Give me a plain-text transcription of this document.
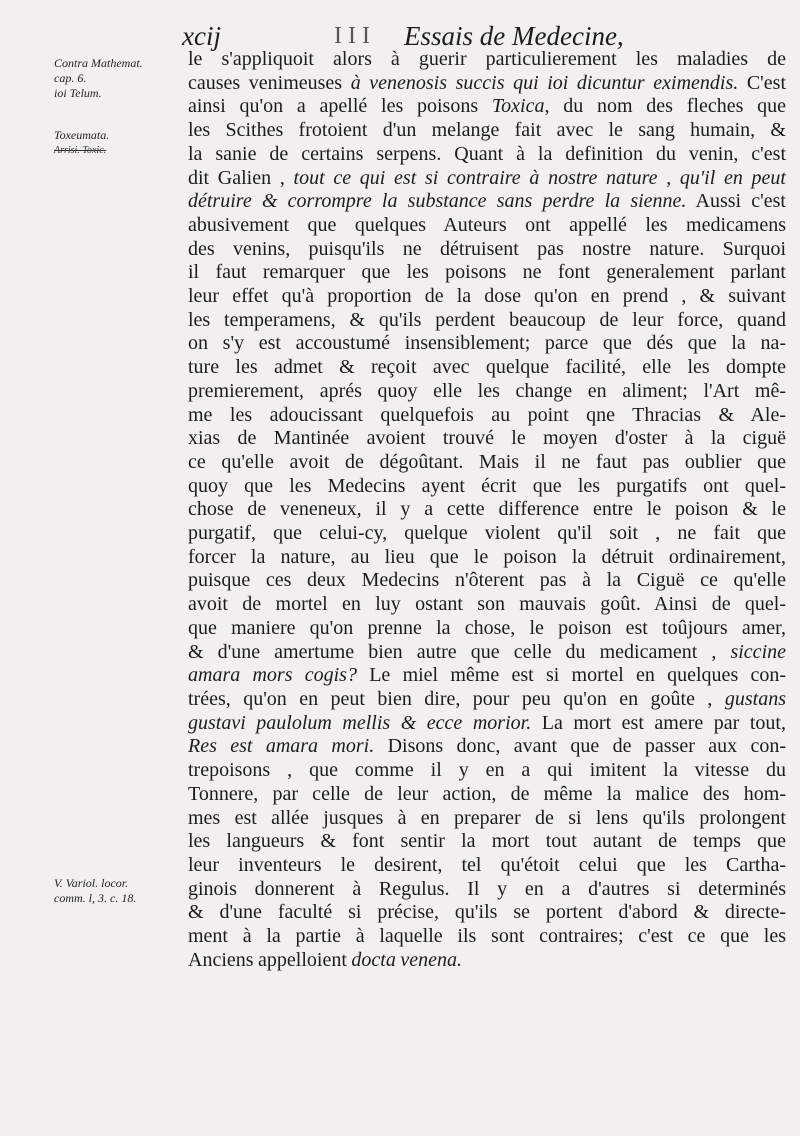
xcij	I I I Essais de Medecine,
Contra Mathemat.
cap. 6.
ioi Telum.
Toxeumata.
Arrisi. Toxic.
V. Variol. locor.
comm. l, 3. c. 18.
le s'appliquoit alors à guerir particulierement les maladies de
causes venimeuses à venenosis succis qui ioi dicuntur eximendis. C'est
ainsi qu'on a apellé les poisons Toxica, du nom des fleches que
les Scithes frotoient d'un melange fait avec le sang humain, &
la sanie de certains serpens. Quant à la definition du venin, c'est
dit Galien , tout ce qui est si contraire à nostre nature , qu'il en peut
détruire & corrompre la substance sans perdre la sienne. Aussi c'est
abusivement que quelques Auteurs ont appellé les medicamens
des venins, puisqu'ils ne détruisent pas nostre nature. Surquoi
il faut remarquer que les poisons ne font generalement parlant
leur effet qu'à proportion de la dose qu'on en prend , & suivant
les temperamens, & qu'ils perdent beaucoup de leur force, quand
on s'y est accoustumé insensiblement; parce que dés que la na-
ture les admet & reçoit avec quelque facilité, elle les dompte
premierement, aprés quoy elle les change en aliment; l'Art mê-
me les adoucissant quelquefois au point qne Thracias & Ale-
xias de Mantinée avoient trouvé le moyen d'oster à la ciguë
ce qu'elle avoit de dégoûtant. Mais il ne faut pas oublier que
quoy que les Medecins ayent écrit que les purgatifs ont quel-
chose de veneneux, il y a cette difference entre le poison & le
purgatif, que celui-cy, quelque violent qu'il soit , ne fait que
forcer la nature, au lieu que le poison la détruit ordinairement,
puisque ces deux Medecins n'ôterent pas à la Ciguë ce qu'elle
avoit de mortel en luy ostant son mauvais goût. Ainsi de quel-
que maniere qu'on prenne la chose, le poison est toûjours amer,
& d'une amertume bien autre que celle du medicament , siccine
amara mors cogis? Le miel même est si mortel en quelques con-
trées, qu'on en peut bien dire, pour peu qu'on en goûte , gustans
gustavi paulolum mellis & ecce morior. La mort est amere par tout,
Res est amara mori. Disons donc, avant que de passer aux con-
trepoisons , que comme il y en a qui imitent la vitesse du
Tonnere, par celle de leur action, de même la malice des hom-
mes est allée jusques à en preparer de si lens qu'ils prolongent
les langueurs & font sentir la mort tout autant de temps que
leur inventeurs le desirent, tel qu'étoit celui que les Cartha-
ginois donnerent à Regulus. Il y en a d'autres si determinés
& d'une faculté si précise, qu'ils se portent d'abord & directe-
ment à la partie à laquelle ils sont contraires; c'est ce que les
Anciens appelloient docta venena.
